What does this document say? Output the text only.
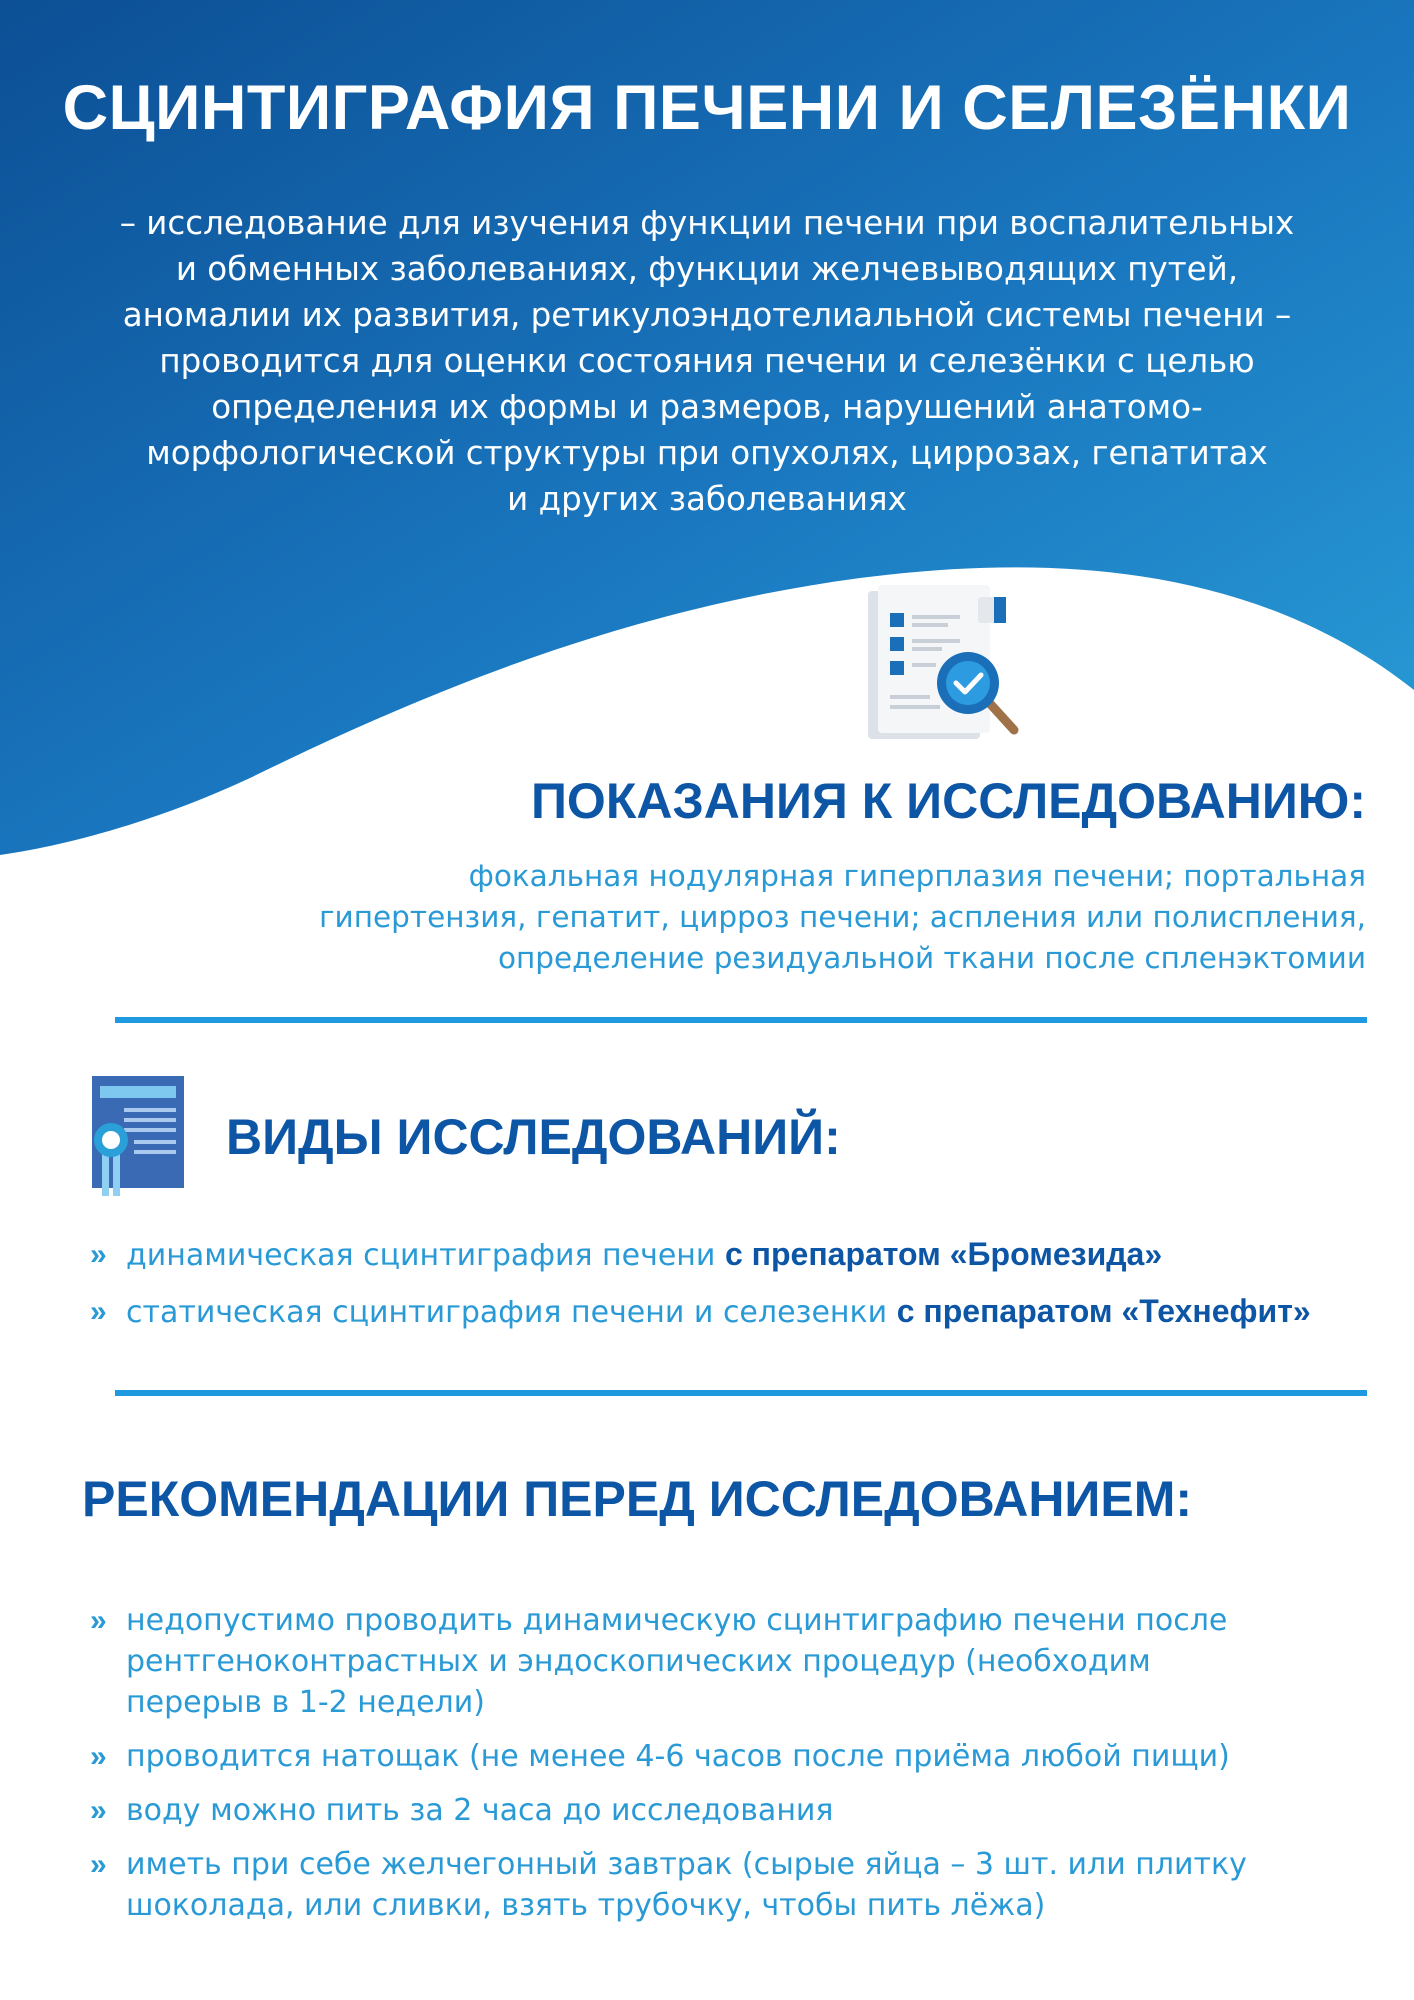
СЦИНТИГРАФИЯ ПЕЧЕНИ И СЕЛЕЗЁНКИ
– исследование для изучения функции печени при воспалительных
и обменных заболеваниях, функции желчевыводящих путей,
аномалии их развития, ретикулоэндотелиальной системы печени –
проводится для оценки состояния печени и селезёнки с целью
определения их формы и размеров, нарушений анатомо-
морфологической структуры при опухолях, циррозах, гепатитах
и других заболеваниях
ПОКАЗАНИЯ К ИССЛЕДОВАНИЮ:
фокальная нодулярная гиперплазия печени; портальная
гипертензия, гепатит, цирроз печени; аспления или полиспления,
определение резидуальной ткани после спленэктомии
ВИДЫ ИССЛЕДОВАНИЙ:
» динамическая сцинтиграфия печени с препаратом «Бромезида»
» статическая сцинтиграфия печени и селезенки с препаратом «Технефит»
РЕКОМЕНДАЦИИ ПЕРЕД ИССЛЕДОВАНИЕМ:
» недопустимо проводить динамическую сцинтиграфию печени после
рентгеноконтрастных и эндоскопических процедур (необходим
перерыв в 1-2 недели)
» проводится натощак (не менее 4-6 часов после приёма любой пищи)
» воду можно пить за 2 часа до исследования
» иметь при себе желчегонный завтрак (сырые яйца – 3 шт. или плитку
шоколада, или сливки, взять трубочку, чтобы пить лёжа)
